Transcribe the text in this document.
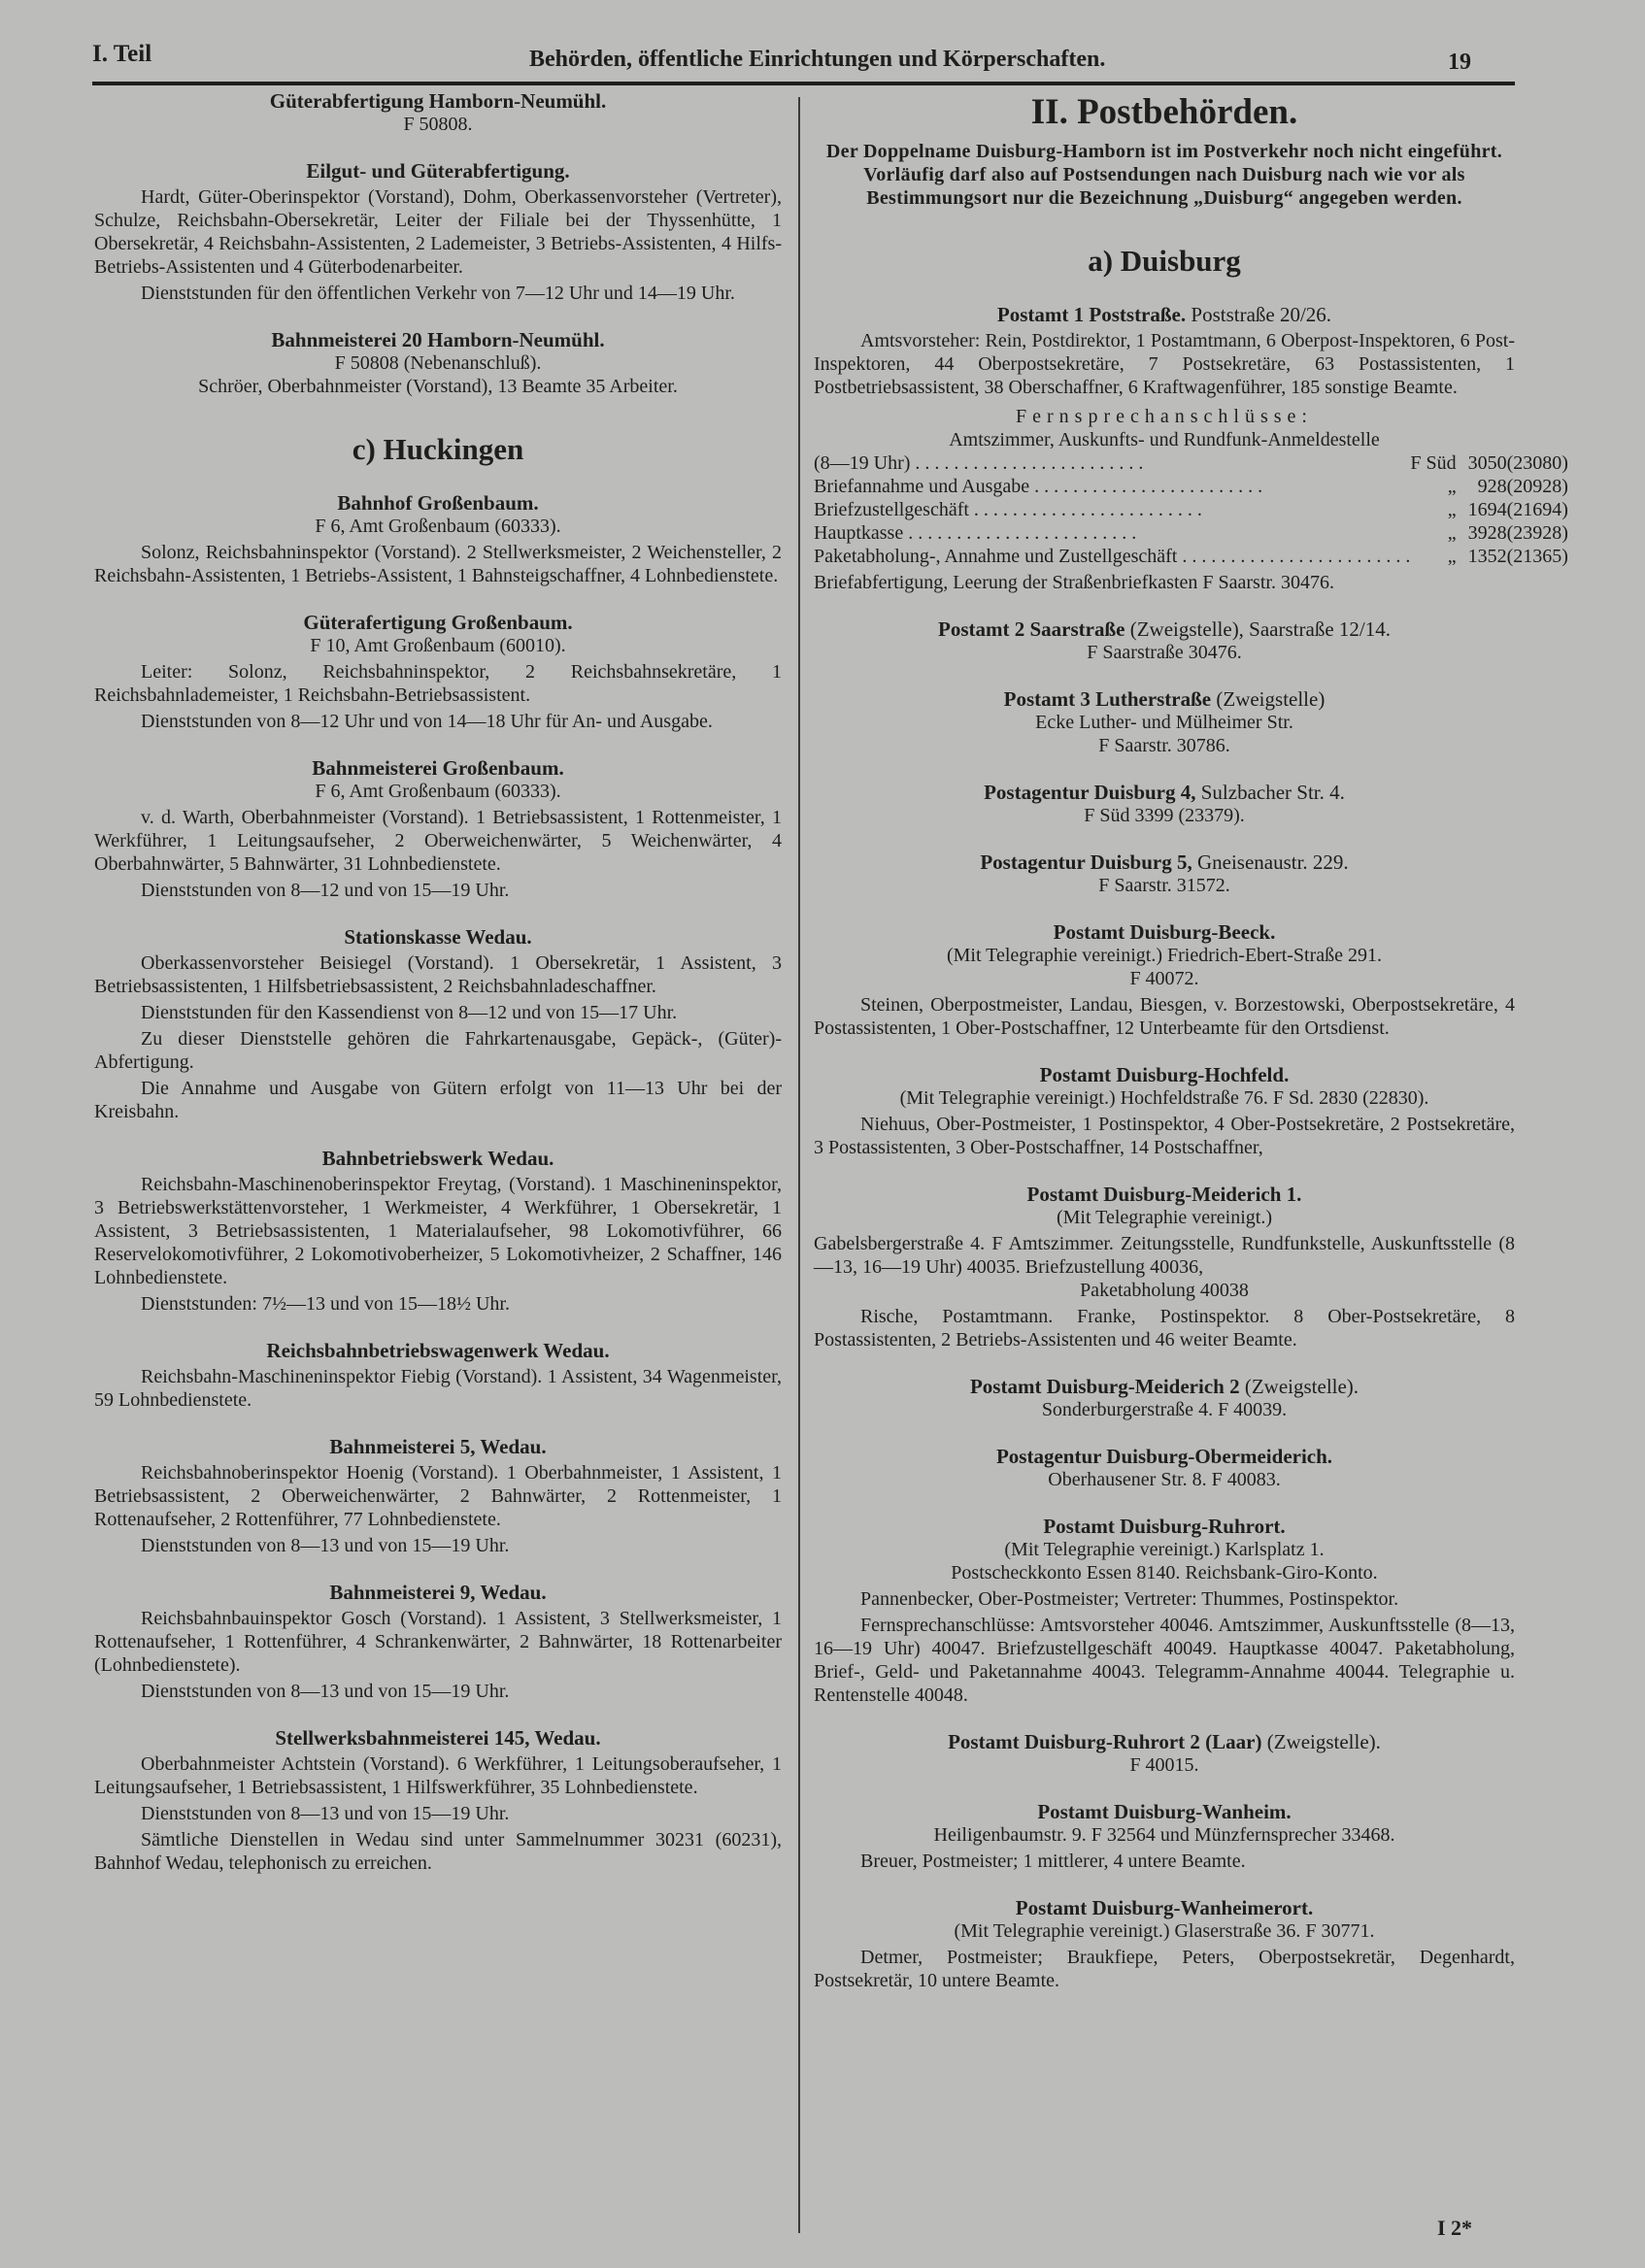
I. Teil	Behörden, öffentliche Einrichtungen und Körperschaften.	19
Güterabfertigung Hamborn-Neumühl.
F 50808.
Eilgut- und Güterabfertigung.
Hardt, Güter-Oberinspektor (Vorstand), Dohm, Oberkassenvorsteher (Vertreter), Schulze, Reichsbahn-Obersekretär, Leiter der Filiale bei der Thyssenhütte, 1 Obersekretär, 4 Reichsbahn-Assistenten, 2 Lademeister, 3 Betriebs-Assistenten, 4 Hilfs-Betriebs-Assistenten und 4 Güterbodenarbeiter.
Dienststunden für den öffentlichen Verkehr von 7—12 Uhr und 14—19 Uhr.
Bahnmeisterei 20 Hamborn-Neumühl.
F 50808 (Nebenanschluß).
Schröer, Oberbahnmeister (Vorstand), 13 Beamte 35 Arbeiter.
c) Huckingen
Bahnhof Großenbaum.
F 6, Amt Großenbaum (60333).
Solonz, Reichsbahninspektor (Vorstand). 2 Stellwerksmeister, 2 Weichensteller, 2 Reichsbahn-Assistenten, 1 Betriebs-Assistent, 1 Bahnsteigschaffner, 4 Lohnbedienstete.
Güterafertigung Großenbaum.
F 10, Amt Großenbaum (60010).
Leiter: Solonz, Reichsbahninspektor, 2 Reichsbahnsekretäre, 1 Reichsbahnlademeister, 1 Reichsbahn-Betriebsassistent.
Dienststunden von 8—12 Uhr und von 14—18 Uhr für An- und Ausgabe.
Bahnmeisterei Großenbaum.
F 6, Amt Großenbaum (60333).
v. d. Warth, Oberbahnmeister (Vorstand). 1 Betriebsassistent, 1 Rottenmeister, 1 Werkführer, 1 Leitungsaufseher, 2 Oberweichenwärter, 5 Weichenwärter, 4 Oberbahnwärter, 5 Bahnwärter, 31 Lohnbedienstete.
Dienststunden von 8—12 und von 15—19 Uhr.
Stationskasse Wedau.
Oberkassenvorsteher Beisiegel (Vorstand). 1 Obersekretär, 1 Assistent, 3 Betriebsassistenten, 1 Hilfsbetriebsassistent, 2 Reichsbahnladeschaffner.
Dienststunden für den Kassendienst von 8—12 und von 15—17 Uhr.
Zu dieser Dienststelle gehören die Fahrkartenausgabe, Gepäck-, (Güter)-Abfertigung.
Die Annahme und Ausgabe von Gütern erfolgt von 11—13 Uhr bei der Kreisbahn.
Bahnbetriebswerk Wedau.
Reichsbahn-Maschinenoberinspektor Freytag, (Vorstand). 1 Maschineninspektor, 3 Betriebswerkstättenvorsteher, 1 Werkmeister, 4 Werkführer, 1 Obersekretär, 1 Assistent, 3 Betriebsassistenten, 1 Materialaufseher, 98 Lokomotivführer, 66 Reservelokomotivführer, 2 Lokomotivoberheizer, 5 Lokomotivheizer, 2 Schaffner, 146 Lohnbedienstete.
Dienststunden: 7½—13 und von 15—18½ Uhr.
Reichsbahnbetriebswagenwerk Wedau.
Reichsbahn-Maschineninspektor Fiebig (Vorstand). 1 Assistent, 34 Wagenmeister, 59 Lohnbedienstete.
Bahnmeisterei 5, Wedau.
Reichsbahnoberinspektor Hoenig (Vorstand). 1 Oberbahnmeister, 1 Assistent, 1 Betriebsassistent, 2 Oberweichenwärter, 2 Bahnwärter, 2 Rottenmeister, 1 Rottenaufseher, 2 Rottenführer, 77 Lohnbedienstete.
Dienststunden von 8—13 und von 15—19 Uhr.
Bahnmeisterei 9, Wedau.
Reichsbahnbauinspektor Gosch (Vorstand). 1 Assistent, 3 Stellwerksmeister, 1 Rottenaufseher, 1 Rottenführer, 4 Schrankenwärter, 2 Bahnwärter, 18 Rottenarbeiter (Lohnbedienstete).
Dienststunden von 8—13 und von 15—19 Uhr.
Stellwerksbahnmeisterei 145, Wedau.
Oberbahnmeister Achtstein (Vorstand). 6 Werkführer, 1 Leitungsoberaufseher, 1 Leitungsaufseher, 1 Betriebsassistent, 1 Hilfswerkführer, 35 Lohnbedienstete.
Dienststunden von 8—13 und von 15—19 Uhr.
Sämtliche Dienstellen in Wedau sind unter Sammelnummer 30231 (60231), Bahnhof Wedau, telephonisch zu erreichen.
II. Postbehörden.
Der Doppelname Duisburg-Hamborn ist im Postverkehr noch nicht eingeführt. Vorläufig darf also auf Postsendungen nach Duisburg nach wie vor als Bestimmungsort nur die Bezeichnung „Duisburg“ angegeben werden.
a) Duisburg
Postamt 1 Poststraße. Poststraße 20/26.
Amtsvorsteher: Rein, Postdirektor, 1 Postamtmann, 6 Oberpost-Inspektoren, 6 Post-Inspektoren, 44 Oberpostsekretäre, 7 Postsekretäre, 63 Postassistenten, 1 Postbetriebsassistent, 38 Oberschaffner, 6 Kraftwagenführer, 185 sonstige Beamte.
Fernsprechanschlüsse:
Amtszimmer, Auskunfts- und Rundfunk-Anmeldestelle
(8—19 Uhr) . . . . . . . . . . . . . . . . . . . . . . . .	F Süd	3050	(23080)
Briefannahme und Ausgabe . . . . . . . . . . . . . . . . . . . . . . . .	„	928	(20928)
Briefzustellgeschäft . . . . . . . . . . . . . . . . . . . . . . . .	„	1694	(21694)
Hauptkasse . . . . . . . . . . . . . . . . . . . . . . . .	„	3928	(23928)
Paketabholung-, Annahme und Zustellgeschäft . . . . . . . . . . . . . . . . . . . . . . . .	„	1352	(21365)
Briefabfertigung, Leerung der Straßenbriefkasten F Saarstr. 30476.
Postamt 2 Saarstraße (Zweigstelle), Saarstraße 12/14.
F Saarstraße 30476.
Postamt 3 Lutherstraße (Zweigstelle)
Ecke Luther- und Mülheimer Str.
F Saarstr. 30786.
Postagentur Duisburg 4, Sulzbacher Str. 4.
F Süd 3399 (23379).
Postagentur Duisburg 5, Gneisenaustr. 229.
F Saarstr. 31572.
Postamt Duisburg-Beeck.
(Mit Telegraphie vereinigt.) Friedrich-Ebert-Straße 291.
F 40072.
Steinen, Oberpostmeister, Landau, Biesgen, v. Borzestowski, Oberpostsekretäre, 4 Postassistenten, 1 Ober-Postschaffner, 12 Unterbeamte für den Ortsdienst.
Postamt Duisburg-Hochfeld.
(Mit Telegraphie vereinigt.) Hochfeldstraße 76. F Sd. 2830 (22830).
Niehuus, Ober-Postmeister, 1 Postinspektor, 4 Ober-Postsekretäre, 2 Postsekretäre, 3 Postassistenten, 3 Ober-Postschaffner, 14 Postschaffner,
Postamt Duisburg-Meiderich 1.
(Mit Telegraphie vereinigt.)
Gabelsbergerstraße 4. F Amtszimmer. Zeitungsstelle, Rundfunkstelle, Auskunftsstelle (8—13, 16—19 Uhr) 40035. Briefzustellung 40036,
Paketabholung 40038
Rische, Postamtmann. Franke, Postinspektor. 8 Ober-Postsekretäre, 8 Postassistenten, 2 Betriebs-Assistenten und 46 weiter Beamte.
Postamt Duisburg-Meiderich 2 (Zweigstelle).
Sonderburgerstraße 4. F 40039.
Postagentur Duisburg-Obermeiderich.
Oberhausener Str. 8. F 40083.
Postamt Duisburg-Ruhrort.
(Mit Telegraphie vereinigt.) Karlsplatz 1.
Postscheckkonto Essen 8140. Reichsbank-Giro-Konto.
Pannenbecker, Ober-Postmeister; Vertreter: Thummes, Postinspektor.
Fernsprechanschlüsse: Amtsvorsteher 40046. Amtszimmer, Auskunftsstelle (8—13, 16—19 Uhr) 40047. Briefzustellgeschäft 40049. Hauptkasse 40047. Paketabholung, Brief-, Geld- und Paketannahme 40043. Telegramm-Annahme 40044. Telegraphie u. Rentenstelle 40048.
Postamt Duisburg-Ruhrort 2 (Laar) (Zweigstelle).
F 40015.
Postamt Duisburg-Wanheim.
Heiligenbaumstr. 9. F 32564 und Münzfernsprecher 33468.
Breuer, Postmeister; 1 mittlerer, 4 untere Beamte.
Postamt Duisburg-Wanheimerort.
(Mit Telegraphie vereinigt.) Glaserstraße 36. F 30771.
Detmer, Postmeister; Braukfiepe, Peters, Oberpostsekretär, Degenhardt, Postsekretär, 10 untere Beamte.
I 2*
